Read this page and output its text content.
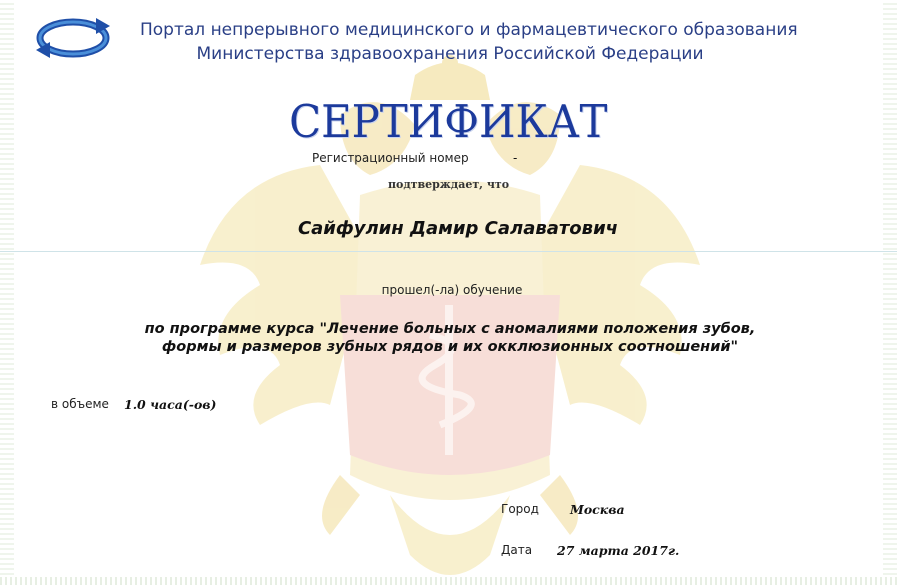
Портал непрерывного медицинского и фармацевтического образования
Министерства здравоохранения Российской Федерации
СЕРТИФИКАТ
Регистрационный номер	-
подтверждает, что
Сайфулин Дамир Салаватович
прошел(-ла) обучение
по программе курса "Лечение больных с аномалиями положения зубов,
формы и размеров зубных рядов и их окклюзионных соотношений"
в объеме 1.0 часа(-ов)
Город Москва
Дата 27 марта 2017г.
